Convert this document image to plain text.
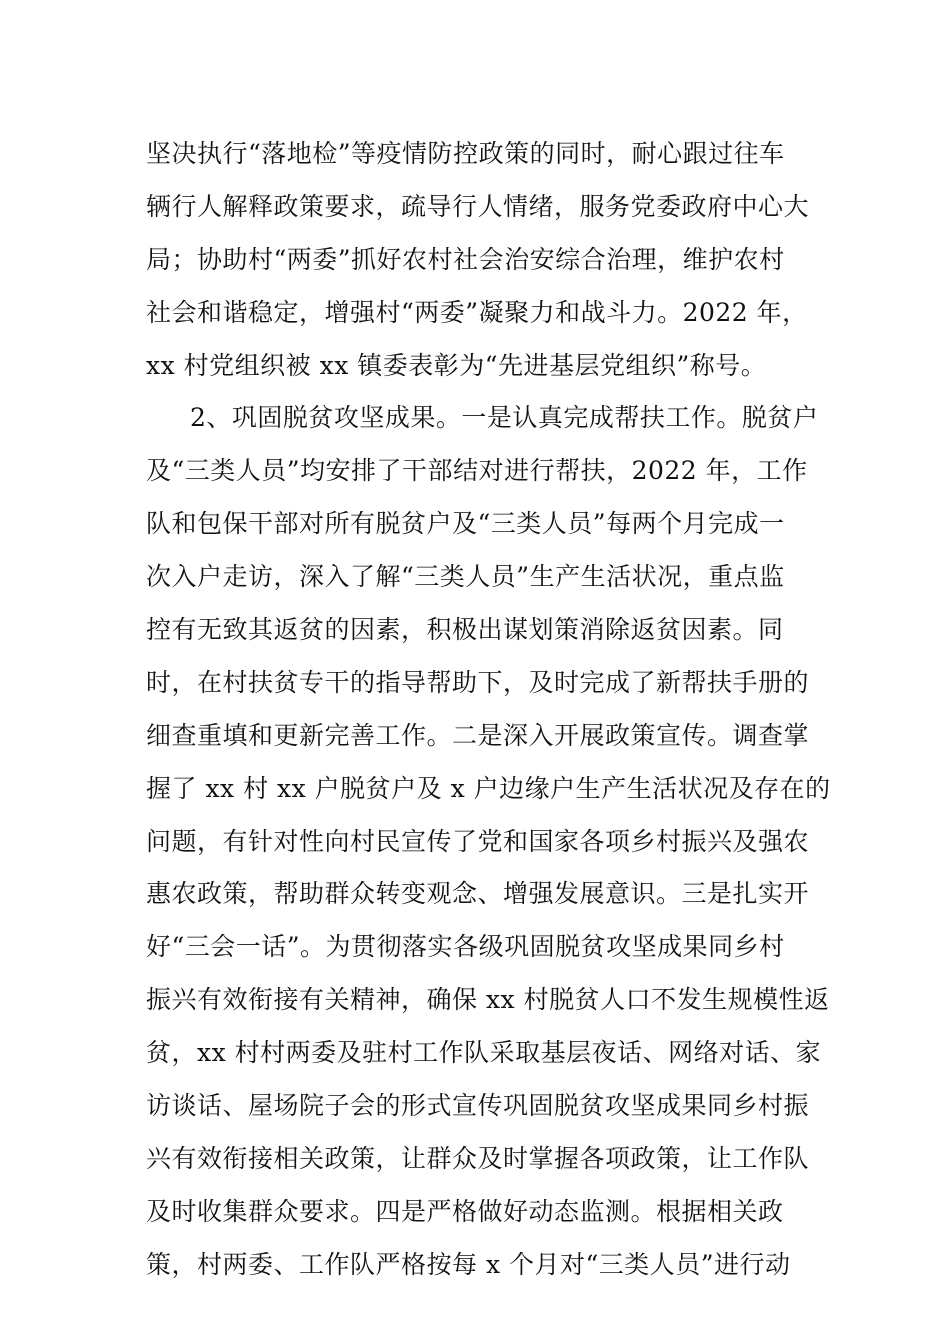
坚决执行“落地检”等疫情防控政策的同时，耐心跟过往车
辆行人解释政策要求，疏导行人情绪，服务党委政府中心大
局；协助村“两委”抓好农村社会治安综合治理，维护农村
社会和谐稳定，增强村“两委”凝聚力和战斗力。2022 年，
xx 村党组织被 xx 镇委表彰为“先进基层党组织”称号。
2、巩固脱贫攻坚成果。一是认真完成帮扶工作。脱贫户
及“三类人员”均安排了干部结对进行帮扶，2022 年，工作
队和包保干部对所有脱贫户及“三类人员”每两个月完成一
次入户走访，深入了解“三类人员”生产生活状况，重点监
控有无致其返贫的因素，积极出谋划策消除返贫因素。同
时，在村扶贫专干的指导帮助下，及时完成了新帮扶手册的
细查重填和更新完善工作。二是深入开展政策宣传。调查掌
握了 xx 村 xx 户脱贫户及 x 户边缘户生产生活状况及存在的
问题，有针对性向村民宣传了党和国家各项乡村振兴及强农
惠农政策，帮助群众转变观念、增强发展意识。三是扎实开
好“三会一话”。为贯彻落实各级巩固脱贫攻坚成果同乡村
振兴有效衔接有关精神，确保 xx 村脱贫人口不发生规模性返
贫，xx 村村两委及驻村工作队采取基层夜话、网络对话、家
访谈话、屋场院子会的形式宣传巩固脱贫攻坚成果同乡村振
兴有效衔接相关政策，让群众及时掌握各项政策，让工作队
及时收集群众要求。四是严格做好动态监测。根据相关政
策，村两委、工作队严格按每 x 个月对“三类人员”进行动
